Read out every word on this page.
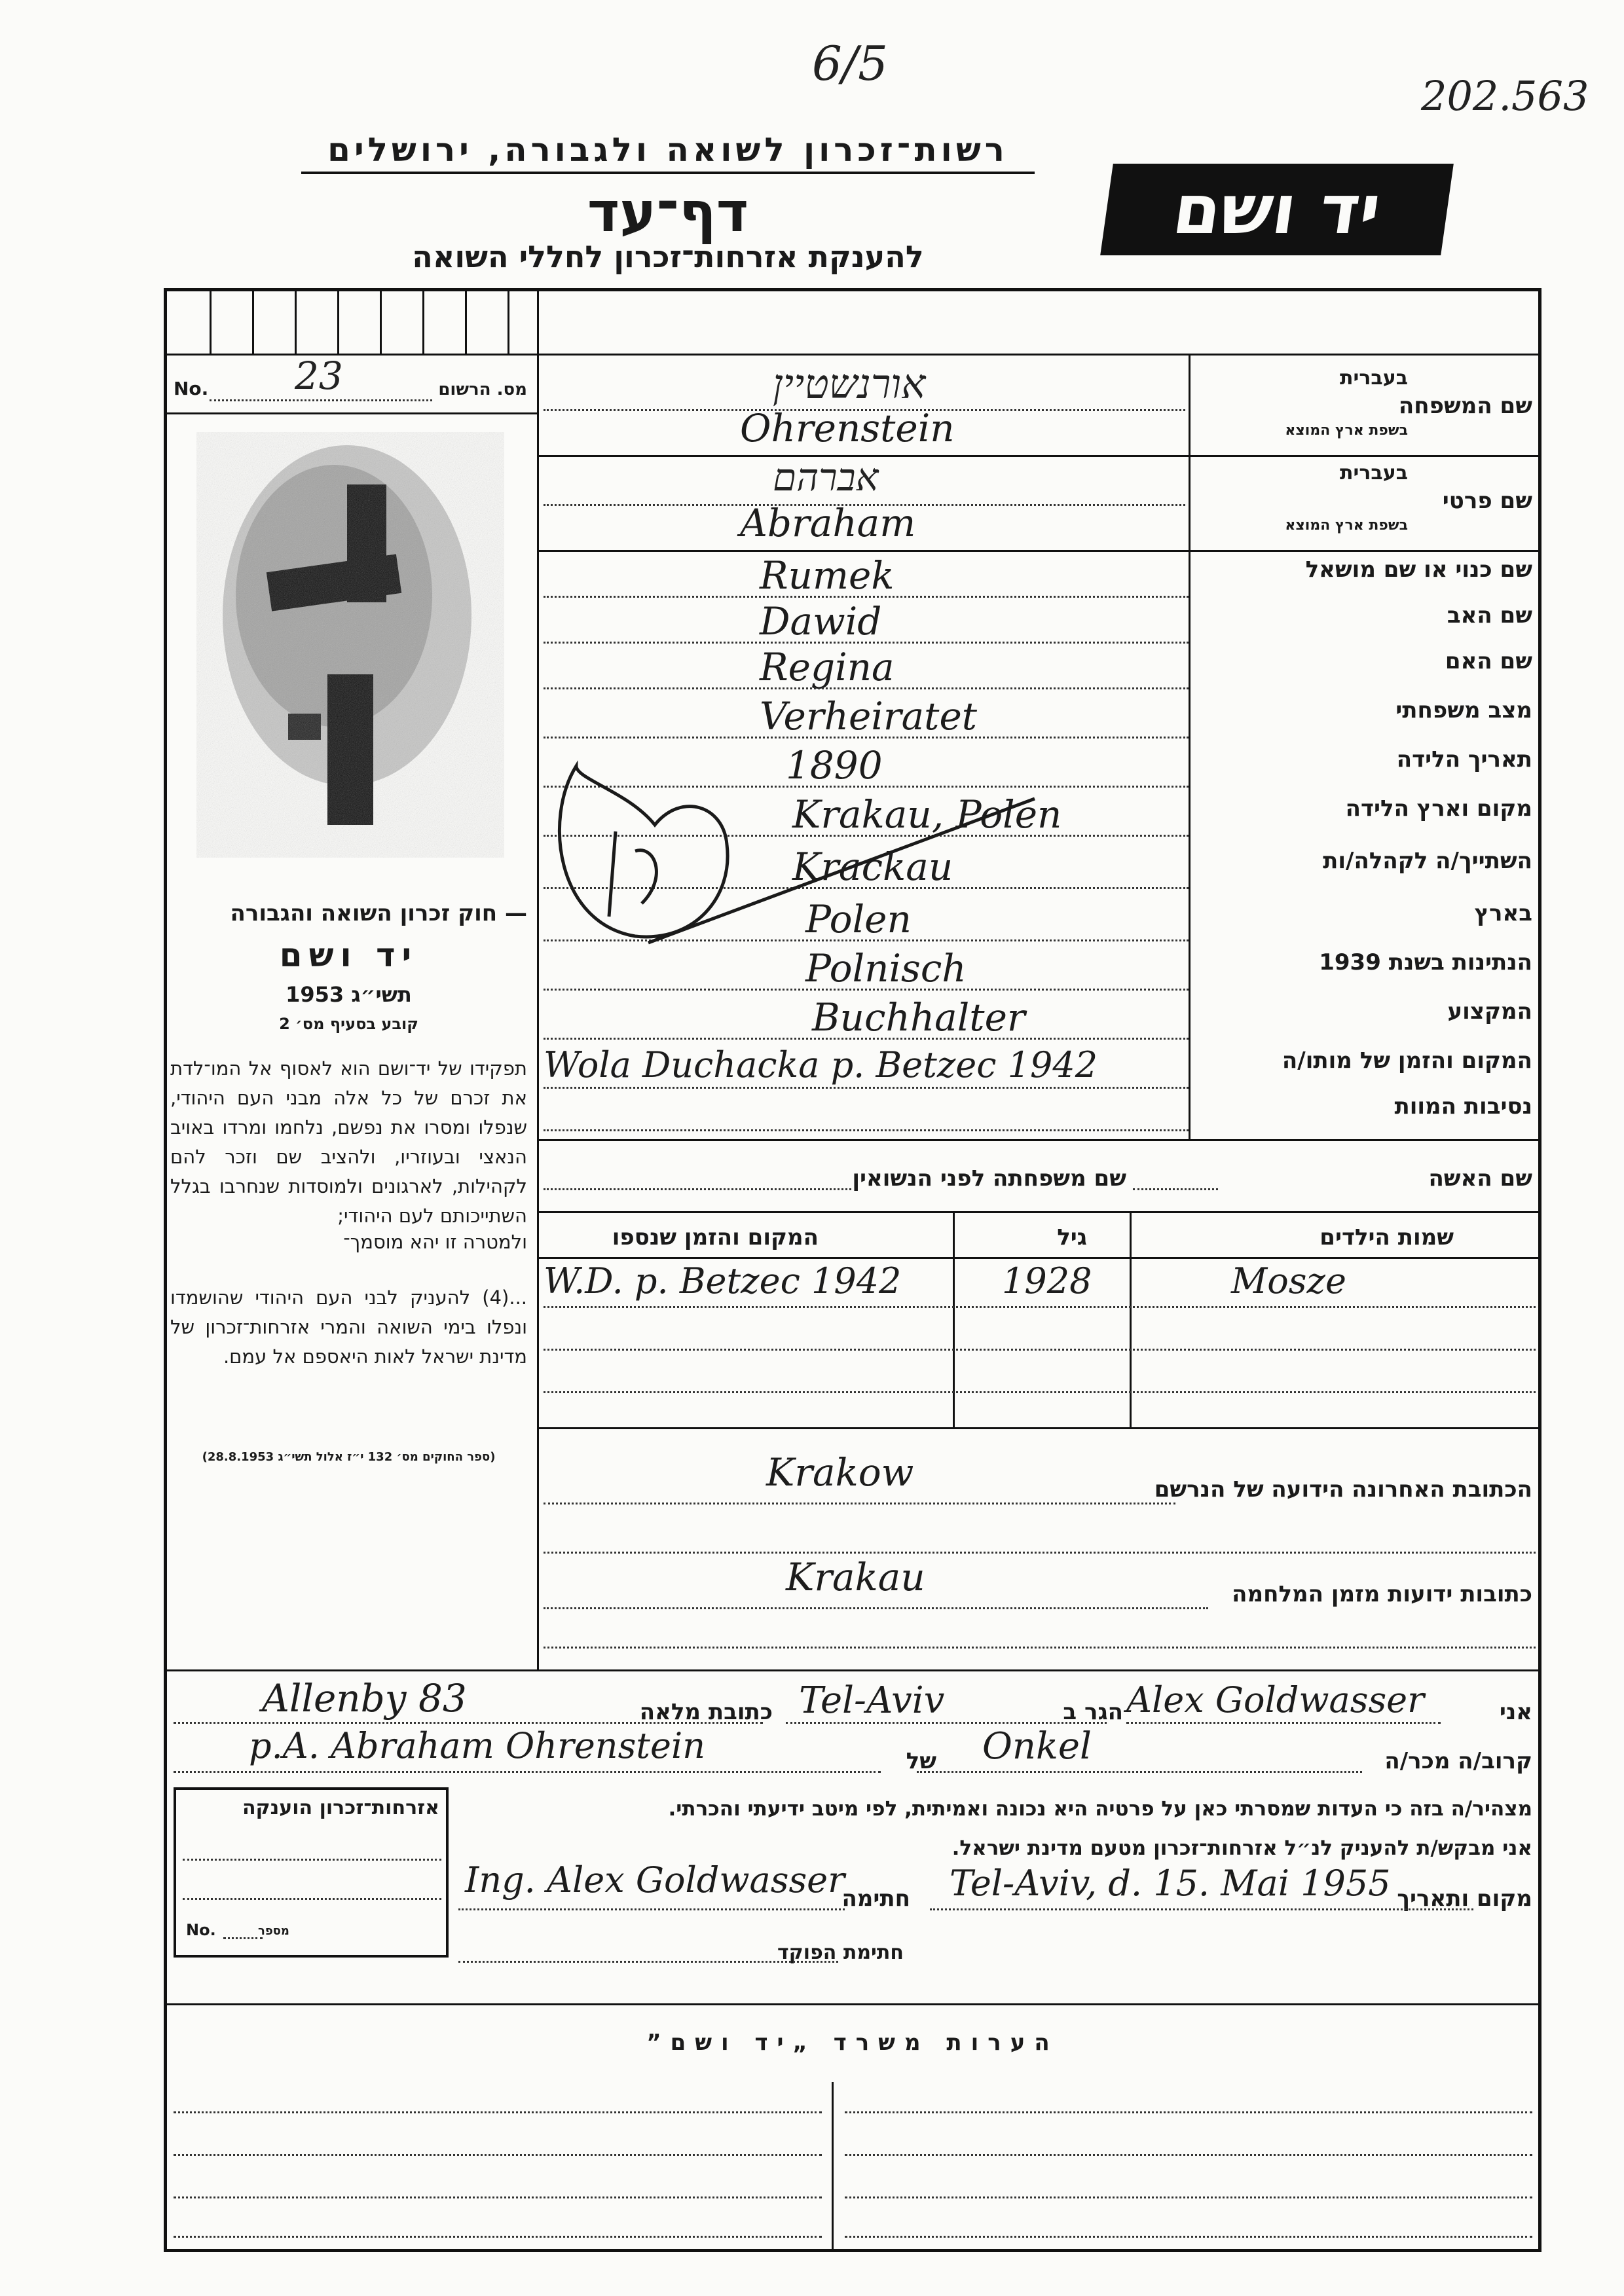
6/5
202.563
רשות־זכרון לשואה ולגבורה, ירושלים
דף־עד
להענקת אזרחות־זכרון לחללי השואה
יד ושם
מס. הרשום
No. 23
— חוק זכרון השואה והגבורה
יד ושם
תשי״ג 1953
קובע בסעיף מס׳ 2
תפקידו של יד־ושם הוא לאסוף אל המו־לדת את זכרם של כל אלה מבני העם היהודי, שנפלו ומסרו את נפשם, נלחמו ומרדו באויב הנאצי ובעוזריו, ולהציב שם וזכר להם לקהילות, לארגונים ולמוסדות שנחרבו בגלל השתייכותם לעם היהודי;
ולמטרה זו יהא מוסמך־
...(4) להעניק לבני העם היהודי שהושמדו ונפלו בימי השואה והמרי אזרחות־זכרון של מדינת ישראל לאות היאספם אל עמם.
(ספר החוקים מס׳ 132 י״ז אלול תשי״ג 28.8.1953)
שם המשפחה
בעברית
בשפת ארץ המוצא
אורנשטיין
Ohrenstein
שם פרטי
בעברית
בשפת ארץ המוצא
אברהם
Abraham
שם כנוי או שם מושאל
Rumek
שם האב
Dawid
שם האם
Regina
מצב משפחתי
Verheiratet
תאריך הלידה
1890
מקום וארץ הלידה
Krakau, Polen
השתייך/ה לקהלה/ות
Krackau
בארץ
Polen
הנתינות בשנת 1939
Polnisch
המקצוע
Buchhalter
המקום והזמן של מותו/ה
Wola Duchacka p. Betzec 1942
נסיבות המוות
שם האשה
שם משפחתה לפני הנשואין
שמות הילדים
גיל
המקום והזמן שנספו
W.D. p. Betzec 1942	1928	Mosze
הכתובת האחרונה הידועה של הנרשם
Krakow
כתובות ידועות מזמן המלחמה
Krakau
אני
Alex Goldwasser
הגר ב
Tel-Aviv
כתובת מלאה
Allenby 83
קרוב/ה מכר/ה
Onkel
של
p.A. Abraham Ohrenstein
מצהיר/ה בזה כי העדות שמסרתי כאן על פרטיה היא נכונה ואמיתית, לפי מיטב ידיעתי והכרתי.
אני מבקש/ת להעניק לנ״ל אזרחות־זכרון מטעם מדינת ישראל.
מקום ותאריך
Tel-Aviv, d. 15. Mai 1955
חתימה
Ing. Alex Goldwasser
חתימת הפוקד
אזרחות־זכרון הוענקה
No.	מספר
הערות משרד „יד ושם”
